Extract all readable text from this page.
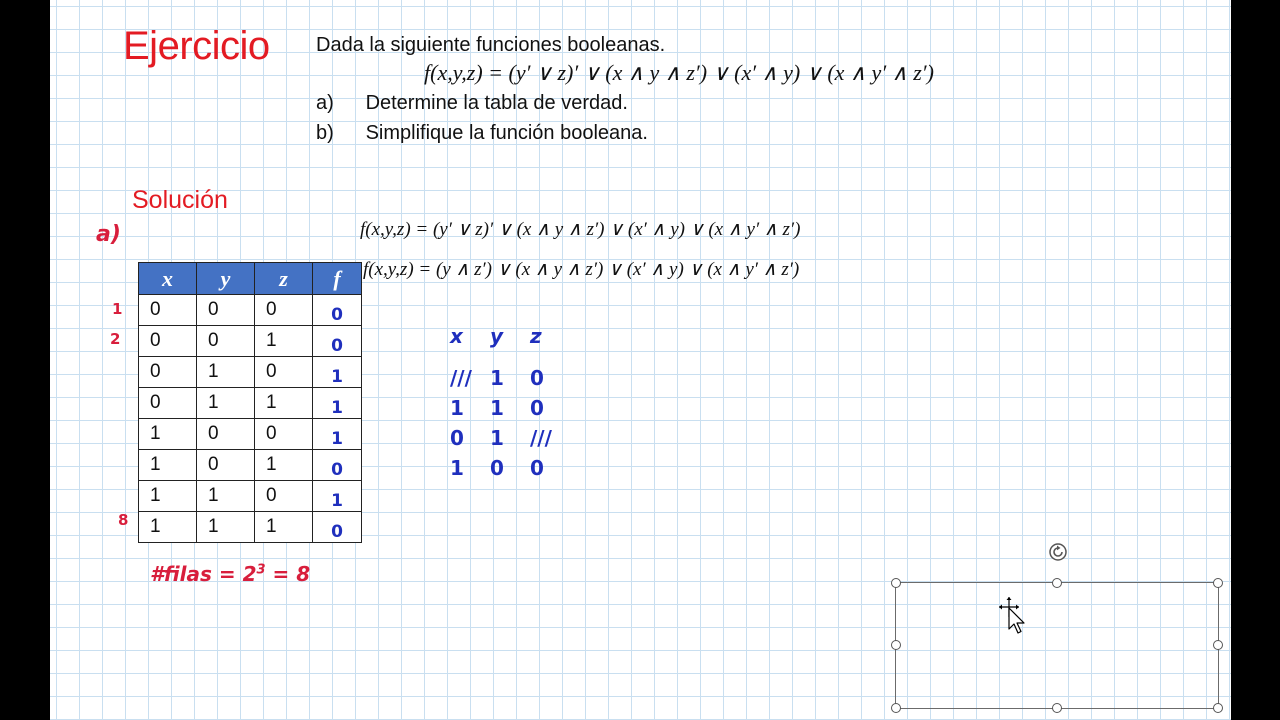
Ejercicio Dada la siguiente funciones booleanas.
f(x,y,z) = (y′ ∨ z)′ ∨ (x ∧ y ∧ z′) ∨ (x′ ∧ y) ∨ (x ∧ y′ ∧ z′)
a) Determine la tabla de verdad.
b) Simplifique la función booleana.
Solución
a)	f(x,y,z) = (y′ ∨ z)′ ∨ (x ∧ y ∧ z′) ∨ (x′ ∧ y) ∨ (x ∧ y′ ∧ z′)
f(x,y,z) = (y ∧ z′) ∨ (x ∧ y ∧ z′) ∨ (x′ ∧ y) ∨ (x ∧ y′ ∧ z′)
1
2
8
x	y	z	f
0	0	0	0
0	0	1	0
0	1	0	1
0	1	1	1
1	0	0	1
1	0	1	0
1	1	0	1
1	1	1	0
x y z
/// 1 0
1 1 0
0 1 ///
1 0 0
#filas = $2^3 = 8$
